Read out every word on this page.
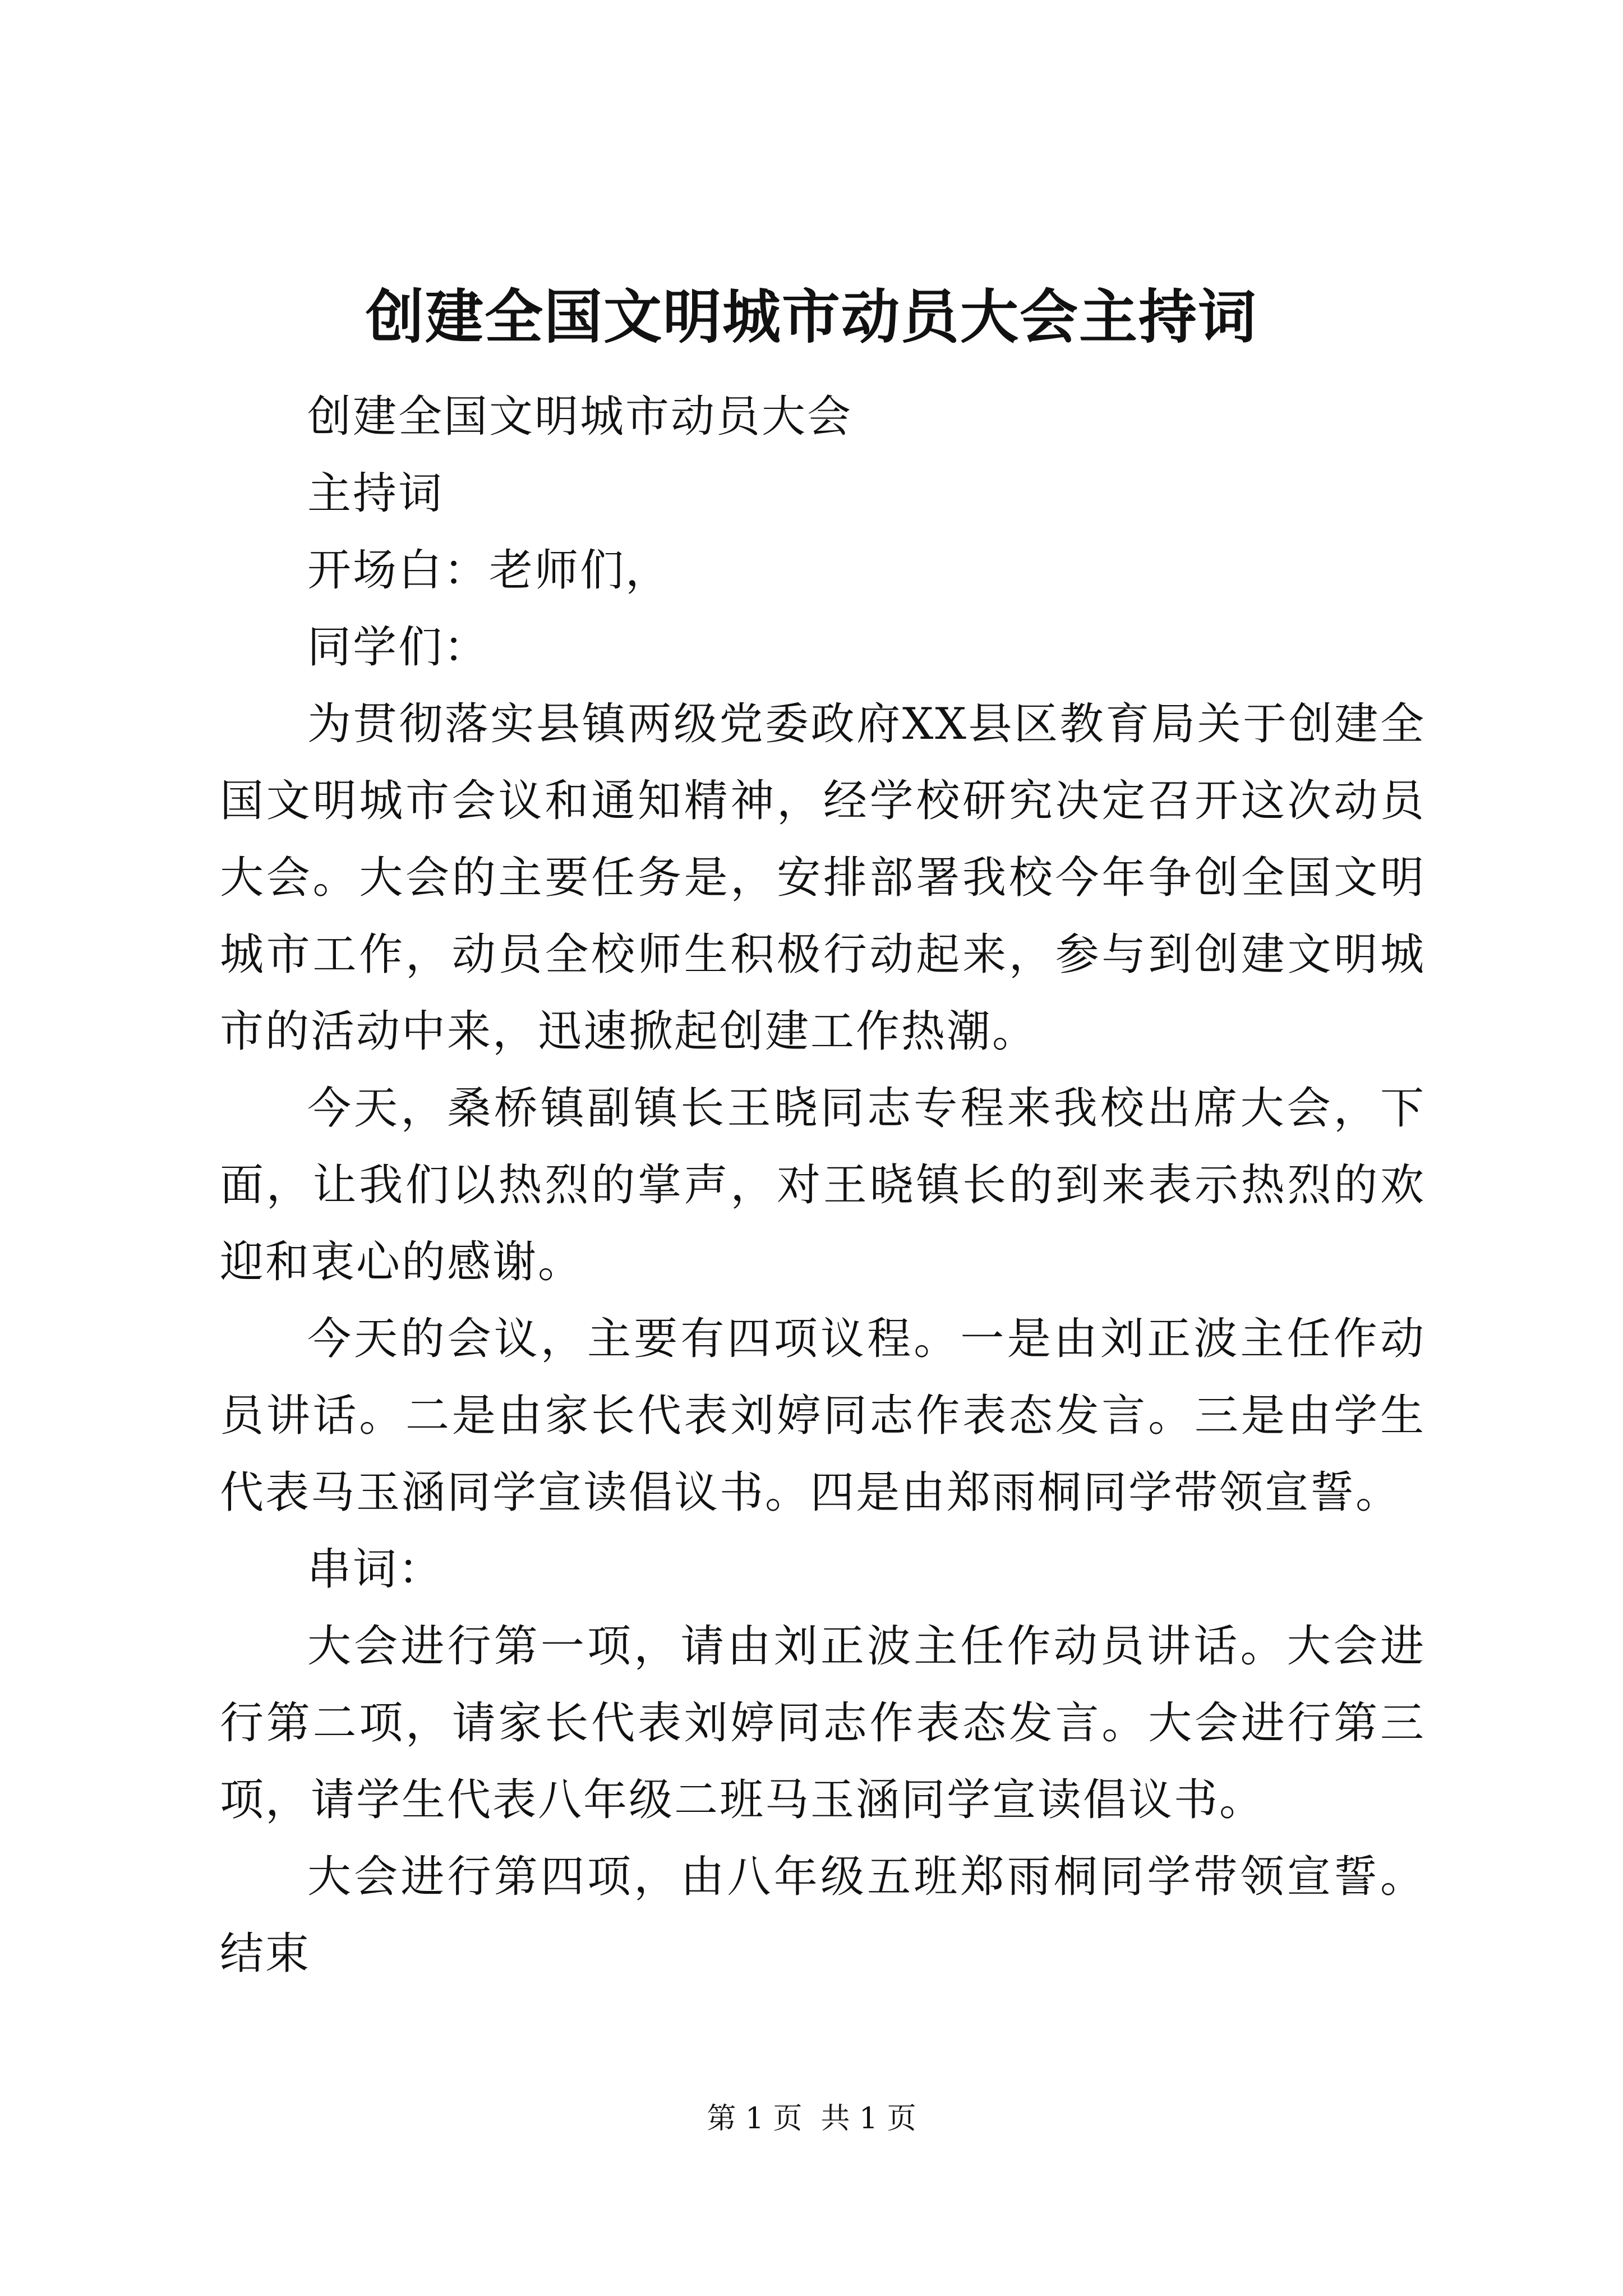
创建全国文明城市动员大会主持词

创建全国文明城市动员大会

主持词

开场白：老师们，

同学们：

为贯彻落实县镇两级党委政府XX县区教育局关于创建全国文明城市会议和通知精神，经学校研究决定召开这次动员大会。大会的主要任务是，安排部署我校今年争创全国文明城市工作，动员全校师生积极行动起来，参与到创建文明城市的活动中来，迅速掀起创建工作热潮。

今天，桑桥镇副镇长王晓同志专程来我校出席大会，下面，让我们以热烈的掌声，对王晓镇长的到来表示热烈的欢迎和衷心的感谢。

今天的会议，主要有四项议程。一是由刘正波主任作动员讲话。二是由家长代表刘婷同志作表态发言。三是由学生代表马玉涵同学宣读倡议书。四是由郑雨桐同学带领宣誓。

串词：

大会进行第一项，请由刘正波主任作动员讲话。大会进行第二项，请家长代表刘婷同志作表态发言。大会进行第三项，请学生代表八年级二班马玉涵同学宣读倡议书。

大会进行第四项，由八年级五班郑雨桐同学带领宣誓。结束

第 1 页  共 1 页
